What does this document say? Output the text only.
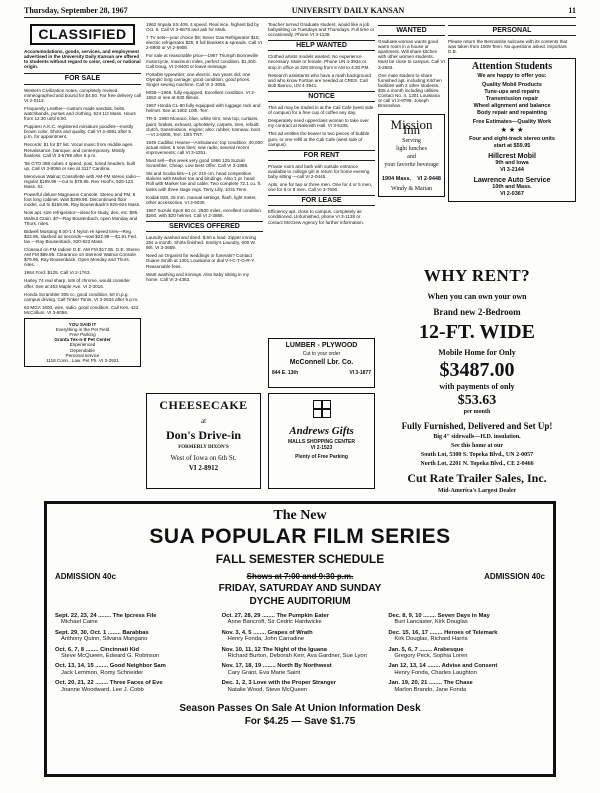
Thursday, September 28, 1967	UNIVERSITY DAILY KANSAN	11
CLASSIFIED
Accommodations, goods, services, and employment advertised in the University Daily Kansan are offered to students without regard to color, creed, or national origin.
FOR SALE

Western Civilization notes, completely revised, mimeographed and bound for $4.50. Far free delivery call VI 2-0113.

Frequently Leather—custom made sandals, belts, watchbands, purses and clothing. 524 1/2 Mass. Hours from 12:30 until 6:00.

Puppies! A.K.C. registered miniature poodles—mostly brown color. Shots and quality. Call VI 3-4891 after 5 p.m. for appointment.

Records: $1 for $7 list. Vocal music from middle ages. Renaissance, baroque, and contemporary. Mostly flawless. Call VI 3-5788 after 6 p.m.

'65 GTO 389 cubes 4 speed, posi, tuned headers, built up. Call VI 3-8066 or see at 3117 Carolina.

Menovous Walnut Consollette with AM-FM stereo radio—regular $199.99 —cut to $79.95. Rev Hoof's, 920-123 Mass. St.

Powerful deluxe Magnavox Console. Stereo and FM, 6 foot long cabinet. Was $299.95. Discontinued floor model, cut to $159.95. Ray Bousenback's 920-924 Mass.

Now apt. size refrigerator—ideal for study, den, etc. $95. Walnut Grain. $7—Ray Bousenbach, open Monday and Thurs. nites.

Bidwell Mustang 6.00-1 4 Nylon Hi speed tires—Reg. $33.95, slashed as seconds—now $22.99 —$1.91 Fed. tax —Ray Bousenback, 920-923 Mass.

Closeout on FM radios! G.E. AM FM $17.95. G.E. Stereo AM FM $89.95. Clearance on Stereos! Walnut Console $79.95. Ray Bousenback. Open Monday and Thurs. nites.

1964 Ford. $125. Call VI 2-1763.

Harley 74 real sharp, lots of chrome, would consider offer. See at 463 Maple Ave. VI 2-3016.

Honda Scrambler 305 cc, good condition, 60 m.p.g. campus driving. Call Tinker Tonin, VI 3-2634 after 5 p.m.

63 MGA 1600, wire, radio, good condition. Call Ken, 422 McCollum. VI 3-6056.

YOU SAID IT
Everything in the Pet Field
Free Parking
Granta Tex-n-It Pet Center
Experienced
Dependable
Personal service
1118 Conn., Law. Pet Ph. VI 3-2921

1962 Impala SS 409. 4 speed. Real nice, highest bid by Oct. 5. Call VI 3-6678 and ask for Mark.

7 TV sets—your choice $5; Sever Gas Refrigerator $15; electric refrigerator $25; 8 full blankets & spreads. Call VI 2-6900 or VI 2-6908.

For sale at reasonable price—1967 Triumph Bonneville motorcycle, maximum miles, perfect condition. $1,300. Call Doug, VI 2-8400 or leave message.

Portable typewriter; one electric, two years old; one Olympic long carriage; good condition, good prices. Singer sewing machine. Call VI 2-3056.

MGB—1966. fully equipped. Excellent condition. VI 2-1552 or see at 630 Illinois.

1967 Honda CL-90 fully equipped with luggage rack and helmet. See at 1902 10th. Terr.

TR-3. 1960 Monaco, blue, white trim; new top, curtains, paint, brakes, exhaust, upholstery, carpets, tires, rebuilt: clutch, transmission, engine; also: rubber, tonneau, boot—VI 2-5008, Terr. 10th TNT.

1946 Cadillac Hearse—Ambulance; top condition; 40,000 actual miles; 5 new tires; new radio; several recent improvements; call VI 3-4251.

Must sell—this week very good 1966 125 Suzuki Scrambler. Cheap. Low Best Offer. Call VI 3-1888.

Ski and Scuba kits—1 pr. 210 cm. head competition slaloms with Marker toe and bindings. Also 1 pr. head Roll with Marker toe and cable. Two complete 72.1 cu. ft. tanks with three stage regs. Terry Lilly, 1031 Tenn.

Kodak 828, 25 mm. manual settings, flash, light meter, other accessories. VI 3-5030.

1967 Suzuki Sport 80 cc. 2500 miles, excellent condition. $260, with $20 helmet. Call VI 2-3858.

SERVICES OFFERED

Laundry washed and dried. $.50 a load. Zipper ironing 25¢ a month. Shirts finished. Smitty's Laundry, 600 W. 9th. VI 3-3659.

Need an Organist for weddings or funerals? Contact Duane Smith at 1301 Louisiana or dial V-I-C-T-O-R-Y. Reasonable fees.

Want washing and ironings. Also baby sitting in my home. Call VI 3-4363.

Teacher turned Graduate student, would like a job babysitting on Tuesdays and Thursdays. Full time or occasionally. Phone VI 3-1138.

HELP WANTED

Clothed artists models wanted. No experience necessary. Male or female. Phone UN 4-3934 or stop in office at 329 Strong from 8 AM to 4:30 PM.

Research assistants who have a math background and who know Fortran are needed at CRES. Call Bob Bianco, UN 4-3941.

NOTICE

This ad may be traded in at the Cali Cafe (west side of campus) for a free cup of coffee any day.

Desperately need upperclass woman to take over my contract at Naismith Hall. VI 3-5335.

This ad entitles the bearer to two pieces of bubble gum, or one refill at the Cali Cafe (west side of campus).

FOR RENT

Private room and bath with outside entrance available to college girl in return for home evening baby sitting —call VI 2-0445.

Apts. one for two or three men. One for 4 or 5 men, one for 6 or 8 men. Call VI 3-7690.

FOR LEASE

Efficiency apt. close to campus, completely air conditioned. Unfurnished, phone VI 3-1138 or contact McGrew Agency for further information.

WANTED

Graduate woman wants good warm room in a house or apartment. Will share kitchen with other women students. Must be close to campus. Call VI 3-2583.

One male student to share furnished apt. including Kitchen facilities with 2 other students. $35 a month including utilities. Contact No. 4, 1301 Louisiana or call VI 2-9799, Joseph Brosnahan.

Mission Inn
Serving
light lunches
and
your favorite beverage
1904 Mass. VI 2-9448
Windy & Marian
PERSONAL

Please return the Bennamite suitcase with its contents that was taken from 1509 Tenn. No questions asked. Important D.B.

Attention Students
We are happy to offer you:
Quality Mobil Products
Tune-ups and repairs
Transmission repair
Wheel alignment and balance
Body repair and repainting
Free Estimates—Quality Work
★ ★ ★
Four and eight-track stereo units
start at $59.95
Hillcrest Mobil
9th and Iowa
VI 3-2144
Lawrence Auto Service
10th and Mass.
VI 2-0367
WHY RENT?
When you can own your own
Brand new 2-Bedroom
12-FT. WIDE
Mobile Home for Only
$3487.00
with payments of only
$53.63
per month
Fully Furnished, Delivered and Set Up!
Big 4" sidewalls—H.D. insulation.
See this home at our
South Lot, 5300 S. Topeka Blvd., UN 2-0057
North Lot, 2201 N. Topeka Blvd., CE 2-0466
Cut Rate Trailer Sales, Inc.
Mid-America's Largest Dealer
LUMBER - PLYWOOD
Cut to your order
McConnell Lbr. Co.
844 E. 13th	VI 3-1877
CHEESECAKE
at
Don's Drive-in
FORMERLY DIXON'S
West of Iowa on 6th St.
VI 2-8912
Andrews Gifts
MALLS SHOPPING CENTER
VI 2-1523
Plenty of Free Parking
The New
SUA POPULAR FILM SERIES
FALL SEMESTER SCHEDULE
ADMISSION 40c	Shows at 7:00 and 9:30 p.m.	ADMISSION 40c
FRIDAY, SATURDAY AND SUNDAY
DYCHE AUDITORIUM
Sept. 22, 23, 24 ........ The Ipcress File
Michael Caine
Sept. 29, 30, Oct. 1 ........ Barabbas
Anthony Quinn, Silvana Mangano
Oct. 6, 7, 8 ........ Cincinnati Kid
Steve McQueen, Edward G. Robinson
Oct. 13, 14, 15 ........ Good Neighbor Sam
Jack Lemmon, Romy Schneider
Oct. 20, 21, 22 ........ Three Faces of Eve
Joanne Woodward, Lee J. Cobb
Oct. 27, 28, 29 ........ The Pumpkin Eater
Anne Bancroft, Sir Cedric Hardwicke
Nov. 3, 4, 5 ........ Grapes of Wrath
Henry Fonda, John Carradine
Nov. 10, 11, 12 The Night of the Iguana
Richard Burton, Deborah Kerr, Ava Gardner, Sue Lyon
Nov. 17, 18, 19 ........ North By Northwest
Cary Grant, Eva Marie Saint
Dec. 1, 2, 3 Love with the Proper Stranger
Natalie Wood, Steve McQueen
Dec. 8, 9, 10 ........ Seven Days in May
Burt Lancaster, Kirk Douglas
Dec. 15, 16, 17 ........ Heroes of Telemark
Kirk Douglas, Richard Harris
Jan. 5, 6, 7 ........ Arabesque
Gregory Peck, Sophia Loren
Jan 12, 13, 14 ........ Advise and Consent
Henry Fonda, Charles Laughton
Jan. 19, 20, 21 ........ The Chase
Marlon Brando, Jane Fonda
Season Passes On Sale At Union Information Desk
For $4.25 — Save $1.75
